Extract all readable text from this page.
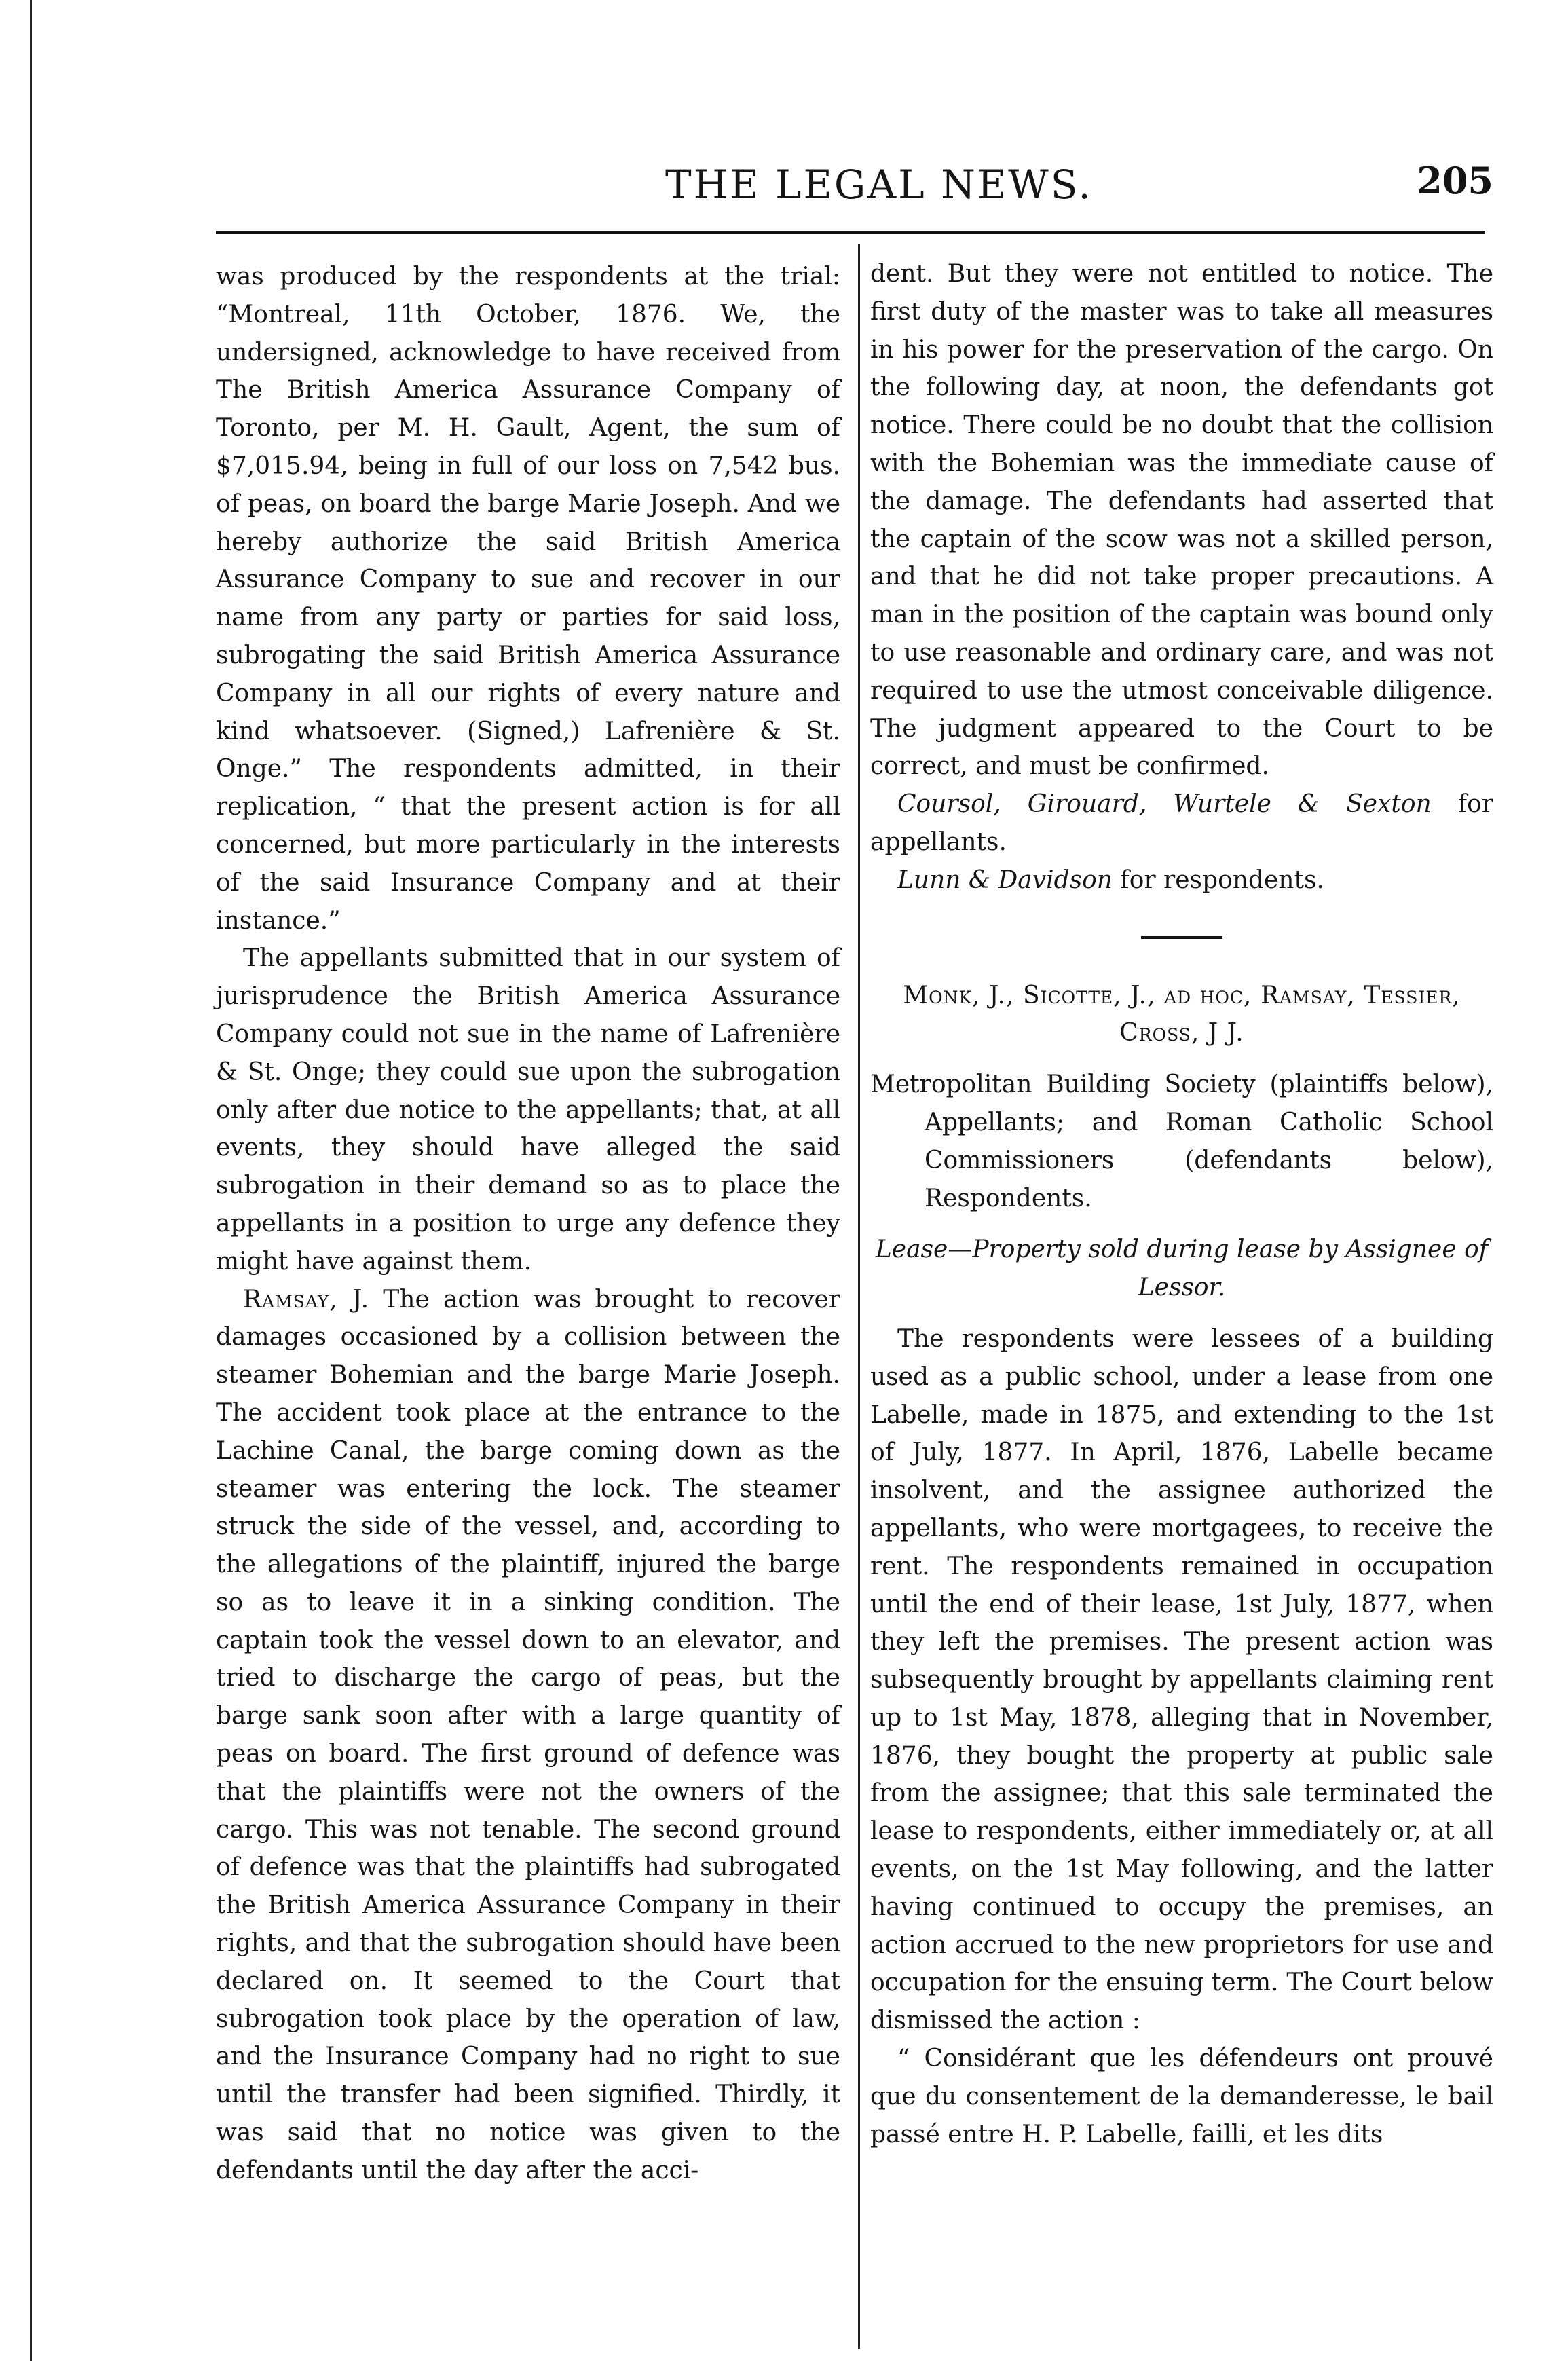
THE LEGAL NEWS.	205

was produced by the respondents at the trial: “Montreal, 11th October, 1876. We, the undersigned, acknowledge to have received from The British America Assurance Company of Toronto, per M. H. Gault, Agent, the sum of $7,015.94, being in full of our loss on 7,542 bus. of peas, on board the barge Marie Joseph. And we hereby authorize the said British America Assurance Company to sue and recover in our name from any party or parties for said loss, subrogating the said British America Assurance Company in all our rights of every nature and kind whatsoever. (Signed,) Lafrenière & St. Onge.” The respondents admitted, in their replication, “ that the present action is for all concerned, but more particularly in the interests of the said Insurance Company and at their instance.”

The appellants submitted that in our system of jurisprudence the British America Assurance Company could not sue in the name of Lafrenière & St. Onge; they could sue upon the subrogation only after due notice to the appellants; that, at all events, they should have alleged the said subrogation in their demand so as to place the appellants in a position to urge any defence they might have against them.

Ramsay, J. The action was brought to recover damages occasioned by a collision between the steamer Bohemian and the barge Marie Joseph. The accident took place at the entrance to the Lachine Canal, the barge coming down as the steamer was entering the lock. The steamer struck the side of the vessel, and, according to the allegations of the plaintiff, injured the barge so as to leave it in a sinking condition. The captain took the vessel down to an elevator, and tried to discharge the cargo of peas, but the barge sank soon after with a large quantity of peas on board. The first ground of defence was that the plaintiffs were not the owners of the cargo. This was not tenable. The second ground of defence was that the plaintiffs had subrogated the British America Assurance Company in their rights, and that the subrogation should have been declared on. It seemed to the Court that subrogation took place by the operation of law, and the Insurance Company had no right to sue until the transfer had been signified. Thirdly, it was said that no notice was given to the defendants until the day after the acci-

dent. But they were not entitled to notice. The first duty of the master was to take all measures in his power for the preservation of the cargo. On the following day, at noon, the defendants got notice. There could be no doubt that the collision with the Bohemian was the immediate cause of the damage. The defendants had asserted that the captain of the scow was not a skilled person, and that he did not take proper precautions. A man in the position of the captain was bound only to use reasonable and ordinary care, and was not required to use the utmost conceivable diligence. The judgment appeared to the Court to be correct, and must be confirmed.

Coursol, Girouard, Wurtele & Sexton for appellants.

Lunn & Davidson for respondents.

Monk, J., Sicotte, J., ad hoc, Ramsay, Tessier, Cross, J J.

Metropolitan Building Society (plaintiffs below), Appellants; and Roman Catholic School Commissioners (defendants below), Respondents.

Lease—Property sold during lease by Assignee of Lessor.

The respondents were lessees of a building used as a public school, under a lease from one Labelle, made in 1875, and extending to the 1st of July, 1877. In April, 1876, Labelle became insolvent, and the assignee authorized the appellants, who were mortgagees, to receive the rent. The respondents remained in occupation until the end of their lease, 1st July, 1877, when they left the premises. The present action was subsequently brought by appellants claiming rent up to 1st May, 1878, alleging that in November, 1876, they bought the property at public sale from the assignee; that this sale terminated the lease to respondents, either immediately or, at all events, on the 1st May following, and the latter having continued to occupy the premises, an action accrued to the new proprietors for use and occupation for the ensuing term. The Court below dismissed the action :

“ Considérant que les défendeurs ont prouvé que du consentement de la demanderesse, le bail passé entre H. P. Labelle, failli, et les dits
